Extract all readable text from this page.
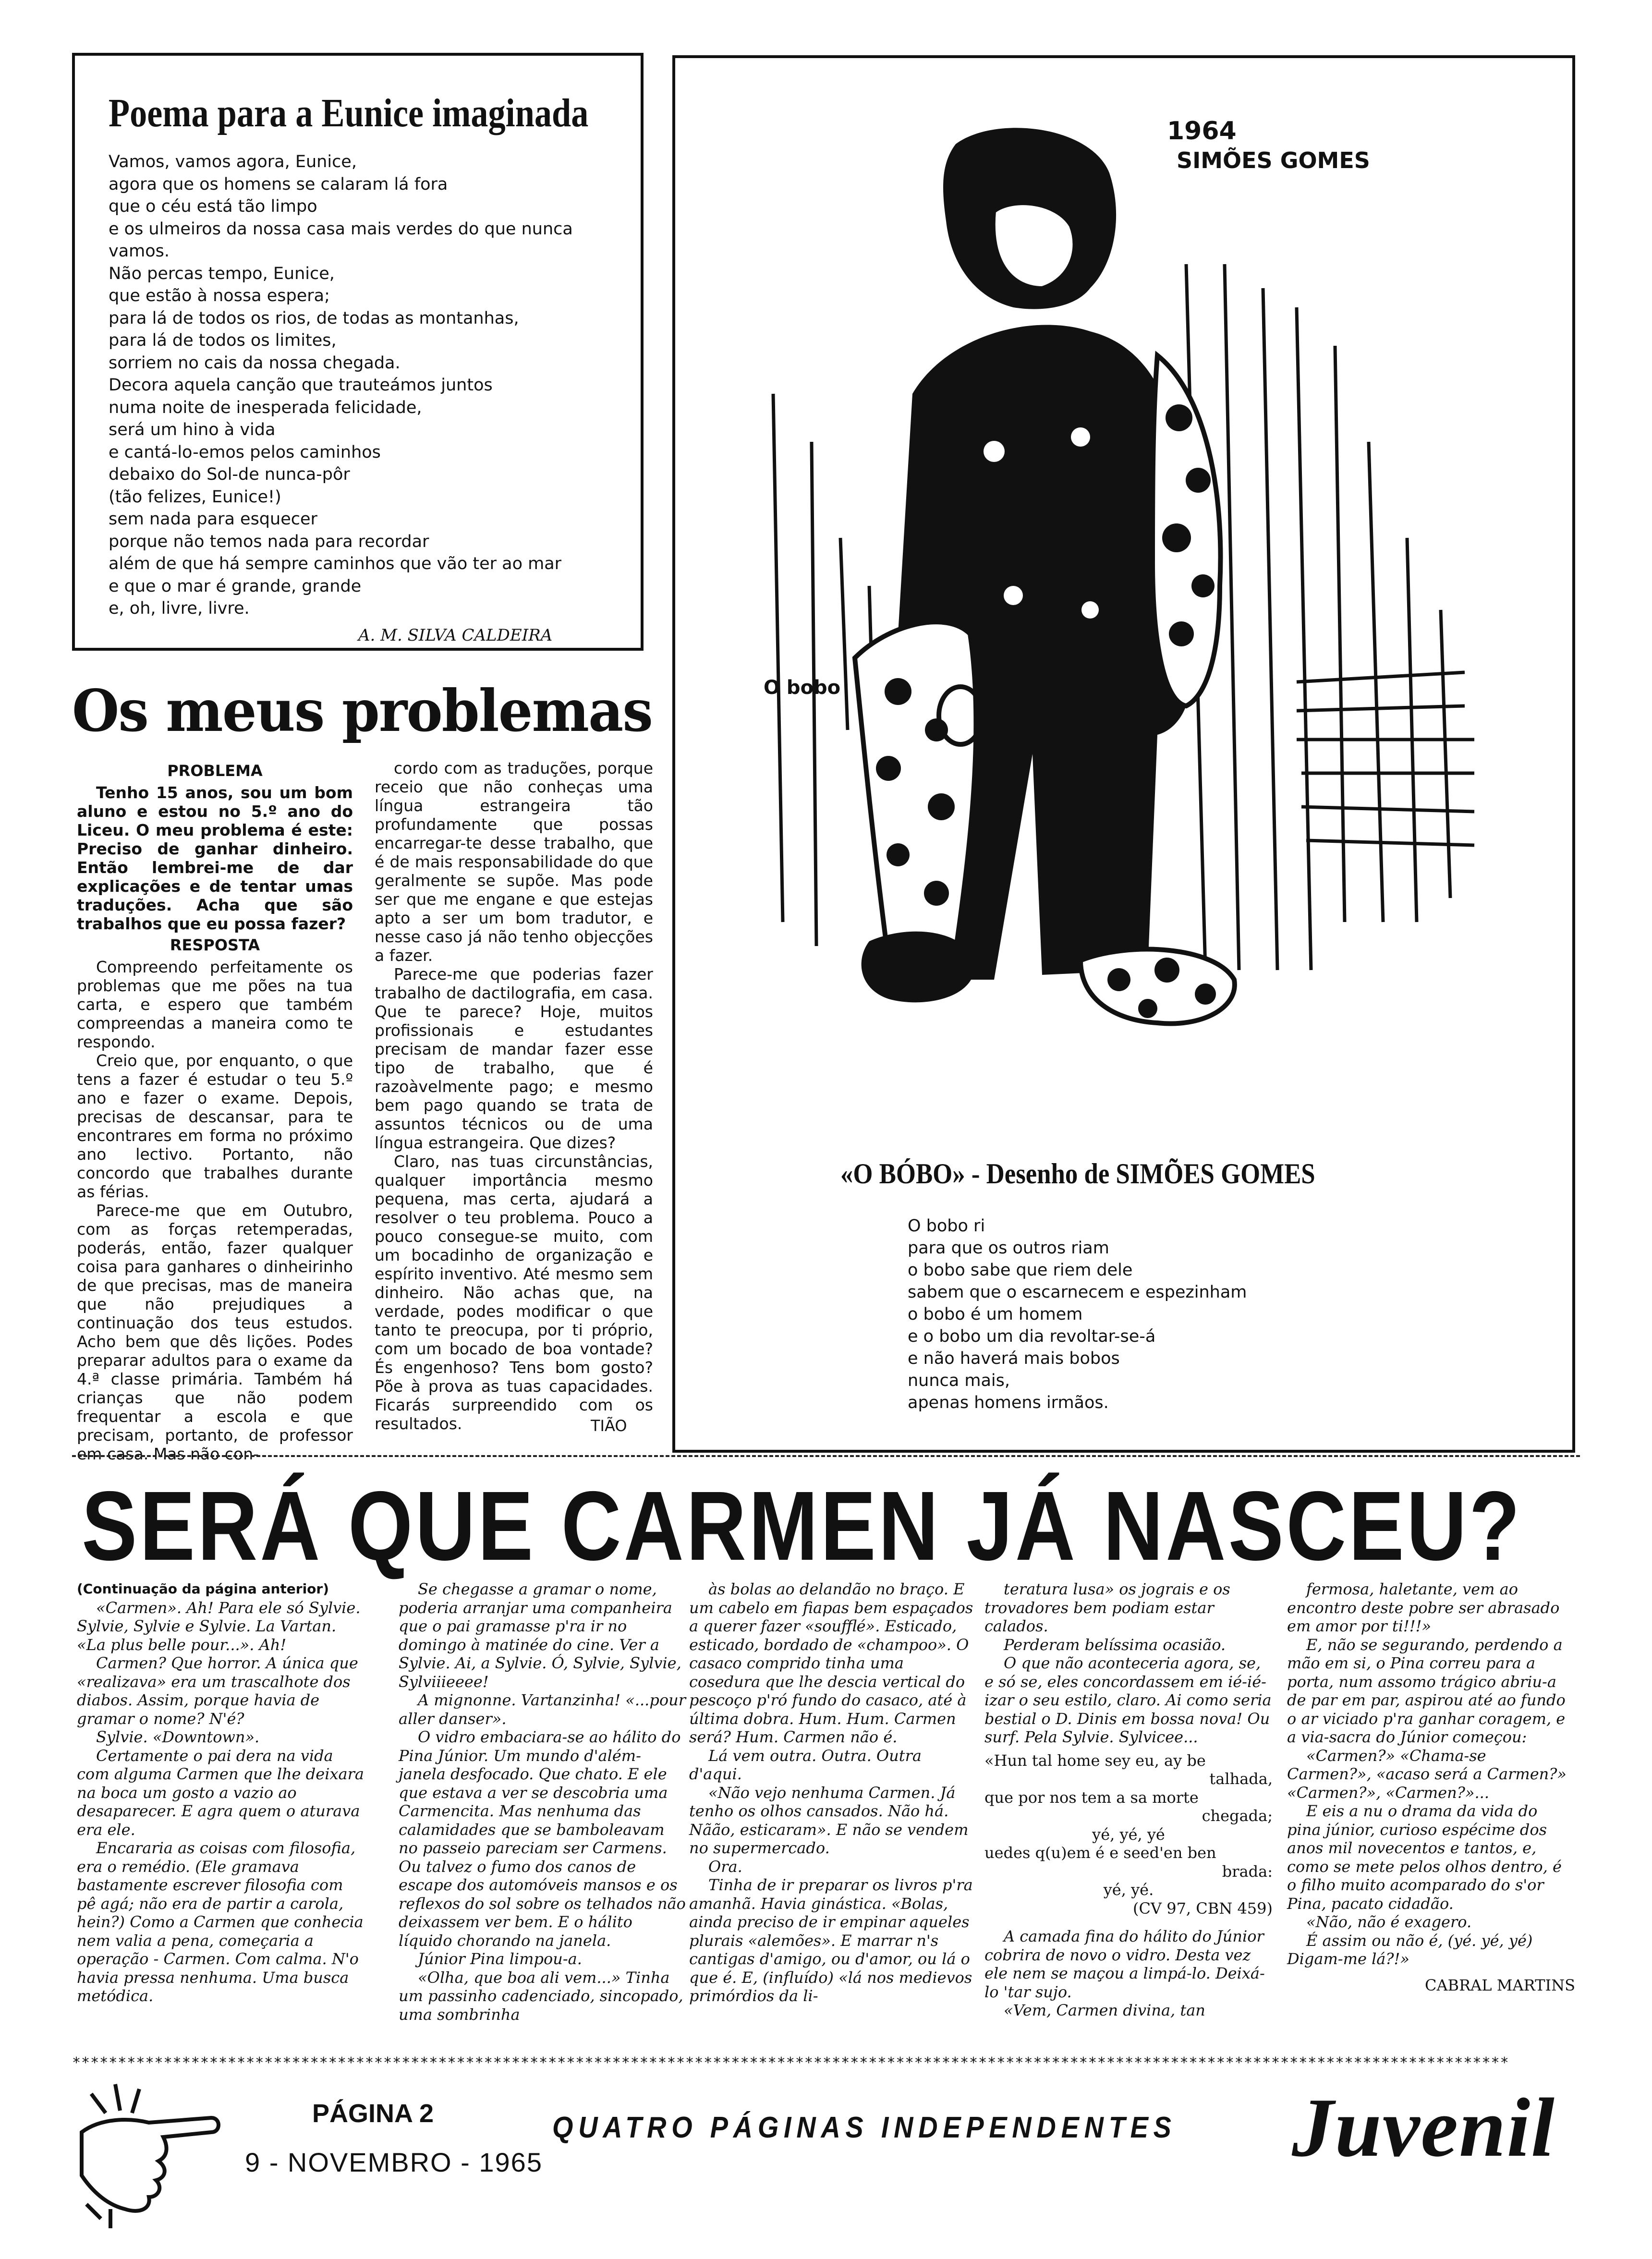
Poema para a Eunice imaginada
Vamos, vamos agora, Eunice,
agora que os homens se calaram lá fora
que o céu está tão limpo
e os ulmeiros da nossa casa mais verdes do que nunca
vamos.
Não percas tempo, Eunice,
que estão à nossa espera;
para lá de todos os rios, de todas as montanhas,
para lá de todos os limites,
sorriem no cais da nossa chegada.
Decora aquela canção que trauteámos juntos
numa noite de inesperada felicidade,
será um hino à vida
e cantá-lo-emos pelos caminhos
debaixo do Sol-de nunca-pôr
(tão felizes, Eunice!)
sem nada para esquecer
porque não temos nada para recordar
além de que há sempre caminhos que vão ter ao mar
e que o mar é grande, grande
e, oh, livre, livre.
A. M. SILVA CALDEIRA
1964
SIMÕES GOMES
O bobo
«O BÓBO» - Desenho de SIMÕES GOMES
O bobo ri
para que os outros riam
o bobo sabe que riem dele
sabem que o escarnecem e espezinham
o bobo é um homem
e o bobo um dia revoltar-se-á
e não haverá mais bobos
nunca mais,
apenas homens irmãos.
Os meus problemas

PROBLEMA

Tenho 15 anos, sou um bom aluno e estou no 5.º ano do Liceu. O meu problema é este: Preciso de ganhar dinheiro. Então lembrei-me de dar explicações e de tentar umas traduções. Acha que são trabalhos que eu possa fazer?

RESPOSTA

Compreendo perfeitamente os problemas que me pões na tua carta, e espero que também compreendas a maneira como te respondo.

Creio que, por enquanto, o que tens a fazer é estudar o teu 5.º ano e fazer o exame. Depois, precisas de descansar, para te encontrares em forma no próximo ano lectivo. Portanto, não concordo que trabalhes durante as férias.

Parece-me que em Outubro, com as forças retemperadas, poderás, então, fazer qualquer coisa para ganhares o dinheirinho de que precisas, mas de maneira que não prejudiques a continuação dos teus estudos. Acho bem que dês lições. Podes preparar adultos para o exame da 4.ª classe primária. Também há crianças que não podem frequentar a escola e que precisam, portanto, de professor em casa. Mas não con-

cordo com as traduções, porque receio que não conheças uma língua estrangeira tão profundamente que possas encarregar-te desse trabalho, que é de mais responsabilidade do que geralmente se supõe. Mas pode ser que me engane e que estejas apto a ser um bom tradutor, e nesse caso já não tenho objecções a fazer.

Parece-me que poderias fazer trabalho de dactilografia, em casa. Que te parece? Hoje, muitos profissionais e estudantes precisam de mandar fazer esse tipo de trabalho, que é razoàvelmente pago; e mesmo bem pago quando se trata de assuntos técnicos ou de uma língua estrangeira. Que dizes?

Claro, nas tuas circunstâncias, qualquer importância mesmo pequena, mas certa, ajudará a resolver o teu problema. Pouco a pouco consegue-se muito, com um bocadinho de organização e espírito inventivo. Até mesmo sem dinheiro. Não achas que, na verdade, podes modificar o que tanto te preocupa, por ti próprio, com um bocado de boa vontade? És engenhoso? Tens bom gosto? Põe à prova as tuas capacidades. Ficarás surpreendido com os resultados.	TIÃO
SERÁ QUE CARMEN JÁ NASCEU?

(Continuação da página anterior)

«Carmen». Ah! Para ele só Sylvie. Sylvie, Sylvie e Sylvie. La Vartan. «La plus belle pour...». Ah!

Carmen? Que horror. A única que «realizava» era um trascalhote dos diabos. Assim, porque havia de gramar o nome? N'é?

Sylvie. «Downtown».

Certamente o pai dera na vida com alguma Carmen que lhe deixara na boca um gosto a vazio ao desaparecer. E agra quem o aturava era ele.

Encararia as coisas com filosofia, era o remédio. (Ele gramava bastamente escrever filosofia com pê agá; não era de partir a carola, hein?) Como a Carmen que conhecia nem valia a pena, começaria a operação - Carmen. Com calma. N'o havia pressa nenhuma. Uma busca metódica.

Se chegasse a gramar o nome, poderia arranjar uma companheira que o pai gramasse p'ra ir no domingo à matinée do cine. Ver a Sylvie. Ai, a Sylvie. Ó, Sylvie, Sylvie, Sylviiieeee!

A mignonne. Vartanzinha! «...pour aller danser».

O vidro embaciara-se ao hálito do Pina Júnior. Um mundo d'além-janela desfocado. Que chato. E ele que estava a ver se descobria uma Carmencita. Mas nenhuma das calamidades que se bamboleavam no passeio pareciam ser Carmens. Ou talvez o fumo dos canos de escape dos automóveis mansos e os reflexos do sol sobre os telhados não deixassem ver bem. E o hálito líquido chorando na janela.

Júnior Pina limpou-a.

«Olha, que boa ali vem...» Tinha um passinho cadenciado, sincopado, uma sombrinha

às bolas ao delandão no braço. E um cabelo em fiapas bem espaçados a querer fazer «soufflé». Esticado, esticado, bordado de «champoo». O casaco comprido tinha uma cosedura que lhe descia vertical do pescoço p'ró fundo do casaco, até à última dobra. Hum. Hum. Carmen será? Hum. Carmen não é.

Lá vem outra. Outra. Outra d'aqui.

«Não vejo nenhuma Carmen. Já tenho os olhos cansados. Não há. Nãão, esticaram». E não se vendem no supermercado.

Ora.

Tinha de ir preparar os livros p'ra amanhã. Havia ginástica. «Bolas, ainda preciso de ir empinar aqueles plurais «alemões». E marrar n's cantigas d'amigo, ou d'amor, ou lá o que é. E, (influído) «lá nos medievos primórdios da li-

teratura lusa» os jograis e os trovadores bem podiam estar calados.

Perderam belíssima ocasião.

O que não aconteceria agora, se, e só se, eles concordassem em ié-ié-izar o seu estilo, claro. Ai como seria bestial o D. Dinis em bossa nova! Ou surf. Pela Sylvie. Sylvicee...

«Hun tal home sey eu, ay be
talhada,
que por nos tem a sa morte
chegada;
yé, yé, yé
uedes q(u)em é e seed'en ben
brada:
yé, yé.
(CV 97, CBN 459)

A camada fina do hálito do Júnior cobrira de novo o vidro. Desta vez ele nem se maçou a limpá-lo. Deixá-lo 'tar sujo.

«Vem, Carmen divina, tan

fermosa, haletante, vem ao encontro deste pobre ser abrasado em amor por ti!!!»

E, não se segurando, perdendo a mão em si, o Pina correu para a porta, num assomo trágico abriu-a de par em par, aspirou até ao fundo o ar viciado p'ra ganhar coragem, e a via-sacra do Júnior começou:

«Carmen?» «Chama-se Carmen?», «acaso será a Carmen?» «Carmen?», «Carmen?»...

E eis a nu o drama da vida do pina júnior, curioso espécime dos anos mil novecentos e tantos, e, como se mete pelos olhos dentro, é o filho muito acomparado do s'or Pina, pacato cidadão.

«Não, não é exagero.

É assim ou não é, (yé. yé, yé) Digam-me lá?!»

CABRAL MARTINS

*************************************************************************************************************************************************************
PÁGINA 2
9 - NOVEMBRO - 1965
QUATRO PÁGINAS INDEPENDENTES Juvenil
